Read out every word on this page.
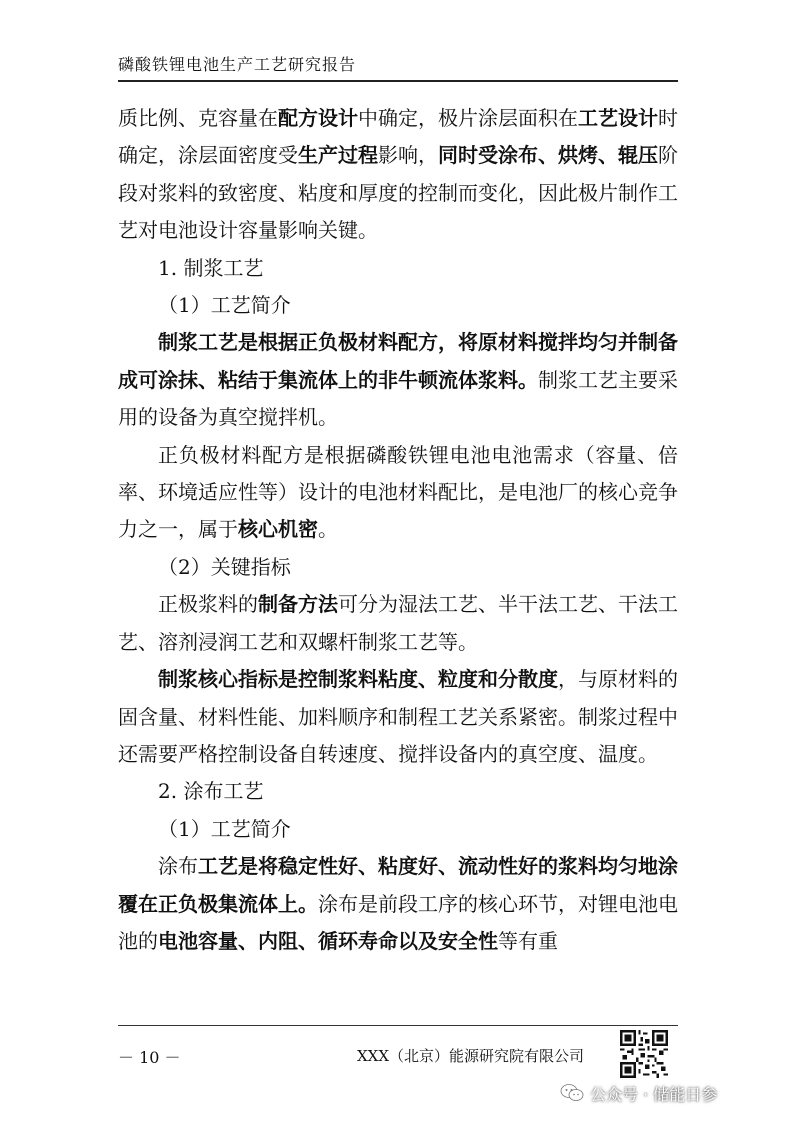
磷酸铁锂电池生产工艺研究报告

质比例、克容量在配方设计中确定，极片涂层面积在工艺设计时确定，涂层面密度受生产过程影响，同时受涂布、烘烤、辊压阶段对浆料的致密度、粘度和厚度的控制而变化，因此极片制作工艺对电池设计容量影响关键。

1. 制浆工艺

（1）工艺简介

制浆工艺是根据正负极材料配方，将原材料搅拌均匀并制备成可涂抹、粘结于集流体上的非牛顿流体浆料。制浆工艺主要采用的设备为真空搅拌机。

正负极材料配方是根据磷酸铁锂电池电池需求（容量、倍率、环境适应性等）设计的电池材料配比，是电池厂的核心竞争力之一，属于核心机密。

（2）关键指标

正极浆料的制备方法可分为湿法工艺、半干法工艺、干法工艺、溶剂浸润工艺和双螺杆制浆工艺等。

制浆核心指标是控制浆料粘度、粒度和分散度，与原材料的固含量、材料性能、加料顺序和制程工艺关系紧密。制浆过程中还需要严格控制设备自转速度、搅拌设备内的真空度、温度。

2. 涂布工艺

（1）工艺简介

涂布工艺是将稳定性好、粘度好、流动性好的浆料均匀地涂覆在正负极集流体上。涂布是前段工序的核心环节，对锂电池电池的电池容量、内阻、循环寿命以及安全性等有重

－ 10 －	XXX（北京）能源研究院有限公司
公众号 · 储能日参
